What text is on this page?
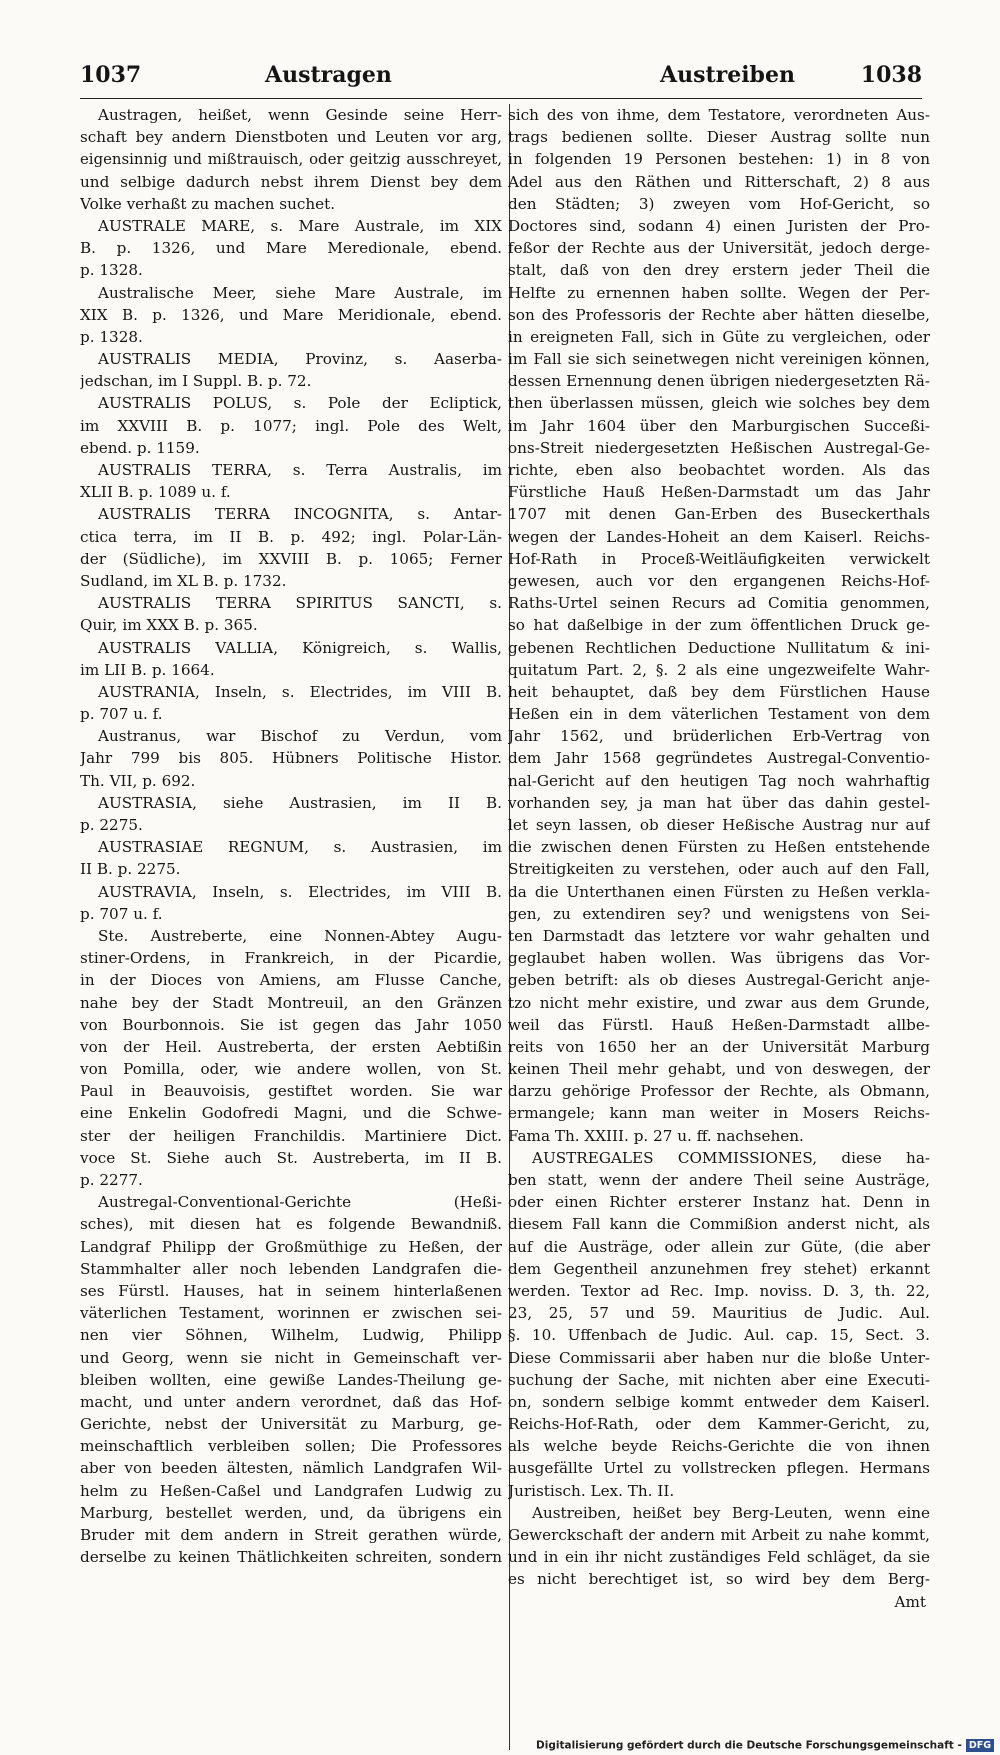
1037	Austragen	Austreiben	1038
Austragen, heißet, wenn Gesinde seine Herr-
schaft bey andern Dienstboten und Leuten vor arg,
eigensinnig und mißtrauisch, oder geitzig ausschreyet,
und selbige dadurch nebst ihrem Dienst bey dem
Volke verhaßt zu machen suchet.
AUSTRALE MARE, s. Mare Australe, im XIX
B. p. 1326, und Mare Meredionale, ebend.
p. 1328.
Australische Meer, siehe Mare Australe, im
XIX B. p. 1326, und Mare Meridionale, ebend.
p. 1328.
AUSTRALIS MEDIA, Provinz, s. Aaserba-
jedschan, im I Suppl. B. p. 72.
AUSTRALIS POLUS, s. Pole der Ecliptick,
im XXVIII B. p. 1077; ingl. Pole des Welt,
ebend. p. 1159.
AUSTRALIS TERRA, s. Terra Australis, im
XLII B. p. 1089 u. f.
AUSTRALIS TERRA INCOGNITA, s. Antar-
ctica terra, im II B. p. 492; ingl. Polar-Län-
der (Südliche), im XXVIII B. p. 1065; Ferner
Sudland, im XL B. p. 1732.
AUSTRALIS TERRA SPIRITUS SANCTI, s.
Quir, im XXX B. p. 365.
AUSTRALIS VALLIA, Königreich, s. Wallis,
im LII B. p. 1664.
AUSTRANIA, Inseln, s. Electrides, im VIII B.
p. 707 u. f.
Austranus, war Bischof zu Verdun, vom
Jahr 799 bis 805. Hübners Politische Histor.
Th. VII, p. 692.
AUSTRASIA, siehe Austrasien, im II B.
p. 2275.
AUSTRASIAE REGNUM, s. Austrasien, im
II B. p. 2275.
AUSTRAVIA, Inseln, s. Electrides, im VIII B.
p. 707 u. f.
Ste. Austreberte, eine Nonnen-Abtey Augu-
stiner-Ordens, in Frankreich, in der Picardie,
in der Dioces von Amiens, am Flusse Canche,
nahe bey der Stadt Montreuil, an den Gränzen
von Bourbonnois. Sie ist gegen das Jahr 1050
von der Heil. Austreberta, der ersten Aebtißin
von Pomilla, oder, wie andere wollen, von St.
Paul in Beauvoisis, gestiftet worden. Sie war
eine Enkelin Godofredi Magni, und die Schwe-
ster der heiligen Franchildis. Martiniere Dict.
voce St. Siehe auch St. Austreberta, im II B.
p. 2277.
Austregal-Conventional-Gerichte (Heßi-
sches), mit diesen hat es folgende Bewandniß.
Landgraf Philipp der Großmüthige zu Heßen, der
Stammhalter aller noch lebenden Landgrafen die-
ses Fürstl. Hauses, hat in seinem hinterlaßenen
väterlichen Testament, worinnen er zwischen sei-
nen vier Söhnen, Wilhelm, Ludwig, Philipp
und Georg, wenn sie nicht in Gemeinschaft ver-
bleiben wollten, eine gewiße Landes-Theilung ge-
macht, und unter andern verordnet, daß das Hof-
Gerichte, nebst der Universität zu Marburg, ge-
meinschaftlich verbleiben sollen; Die Professores
aber von beeden ältesten, nämlich Landgrafen Wil-
helm zu Heßen-Caßel und Landgrafen Ludwig zu
Marburg, bestellet werden, und, da übrigens ein
Bruder mit dem andern in Streit gerathen würde,
derselbe zu keinen Thätlichkeiten schreiten, sondern
sich des von ihme, dem Testatore, verordneten Aus-
trags bedienen sollte. Dieser Austrag sollte nun
in folgenden 19 Personen bestehen: 1) in 8 von
Adel aus den Räthen und Ritterschaft, 2) 8 aus
den Städten; 3) zweyen vom Hof-Gericht, so
Doctores sind, sodann 4) einen Juristen der Pro-
feßor der Rechte aus der Universität, jedoch derge-
stalt, daß von den drey erstern jeder Theil die
Helfte zu ernennen haben sollte. Wegen der Per-
son des Professoris der Rechte aber hätten dieselbe,
in ereigneten Fall, sich in Güte zu vergleichen, oder
im Fall sie sich seinetwegen nicht vereinigen können,
dessen Ernennung denen übrigen niedergesetzten Rä-
then überlassen müssen, gleich wie solches bey dem
im Jahr 1604 über den Marburgischen Succeßi-
ons-Streit niedergesetzten Heßischen Austregal-Ge-
richte, eben also beobachtet worden. Als das
Fürstliche Hauß Heßen-Darmstadt um das Jahr
1707 mit denen Gan-Erben des Buseckerthals
wegen der Landes-Hoheit an dem Kaiserl. Reichs-
Hof-Rath in Proceß-Weitläufigkeiten verwickelt
gewesen, auch vor den ergangenen Reichs-Hof-
Raths-Urtel seinen Recurs ad Comitia genommen,
so hat daßelbige in der zum öffentlichen Druck ge-
gebenen Rechtlichen Deductione Nullitatum & ini-
quitatum Part. 2, §. 2 als eine ungezweifelte Wahr-
heit behauptet, daß bey dem Fürstlichen Hause
Heßen ein in dem väterlichen Testament von dem
Jahr 1562, und brüderlichen Erb-Vertrag von
dem Jahr 1568 gegründetes Austregal-Conventio-
nal-Gericht auf den heutigen Tag noch wahrhaftig
vorhanden sey, ja man hat über das dahin gestel-
let seyn lassen, ob dieser Heßische Austrag nur auf
die zwischen denen Fürsten zu Heßen entstehende
Streitigkeiten zu verstehen, oder auch auf den Fall,
da die Unterthanen einen Fürsten zu Heßen verkla-
gen, zu extendiren sey? und wenigstens von Sei-
ten Darmstadt das letztere vor wahr gehalten und
geglaubet haben wollen. Was übrigens das Vor-
geben betrift: als ob dieses Austregal-Gericht anje-
tzo nicht mehr existire, und zwar aus dem Grunde,
weil das Fürstl. Hauß Heßen-Darmstadt allbe-
reits von 1650 her an der Universität Marburg
keinen Theil mehr gehabt, und von deswegen, der
darzu gehörige Professor der Rechte, als Obmann,
ermangele; kann man weiter in Mosers Reichs-
Fama Th. XXIII. p. 27 u. ff. nachsehen.
AUSTREGALES COMMISSIONES, diese ha-
ben statt, wenn der andere Theil seine Austräge,
oder einen Richter ersterer Instanz hat. Denn in
diesem Fall kann die Commißion anderst nicht, als
auf die Austräge, oder allein zur Güte, (die aber
dem Gegentheil anzunehmen frey stehet) erkannt
werden. Textor ad Rec. Imp. noviss. D. 3, th. 22,
23, 25, 57 und 59. Mauritius de Judic. Aul.
§. 10. Uffenbach de Judic. Aul. cap. 15, Sect. 3.
Diese Commissarii aber haben nur die bloße Unter-
suchung der Sache, mit nichten aber eine Executi-
on, sondern selbige kommt entweder dem Kaiserl.
Reichs-Hof-Rath, oder dem Kammer-Gericht, zu,
als welche beyde Reichs-Gerichte die von ihnen
ausgefällte Urtel zu vollstrecken pflegen. Hermans
Juristisch. Lex. Th. II.
Austreiben, heißet bey Berg-Leuten, wenn eine
Gewerckschaft der andern mit Arbeit zu nahe kommt,
und in ein ihr nicht zuständiges Feld schläget, da sie
es nicht berechtiget ist, so wird bey dem Berg-
Amt
Digitalisierung gefördert durch die Deutsche Forschungsgemeinschaft - DFG
